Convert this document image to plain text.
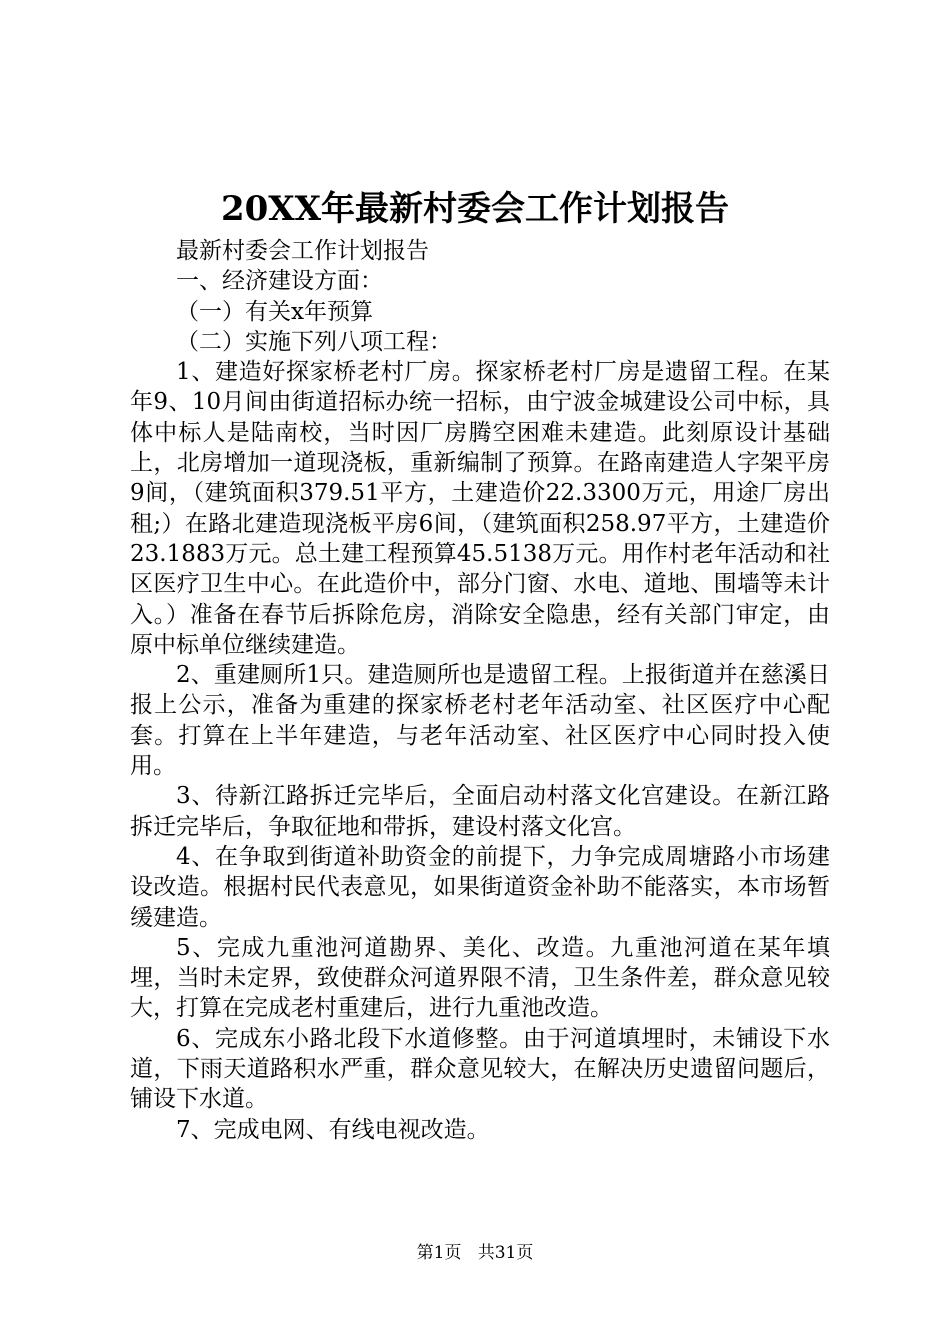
20XX年最新村委会工作计划报告

最新村委会工作计划报告

一、经济建设方面：

（一）有关x年预算

（二）实施下列八项工程：

1、建造好探家桥老村厂房。探家桥老村厂房是遗留工程。在某年9、10月间由街道招标办统一招标，由宁波金城建设公司中标，具体中标人是陆南校，当时因厂房腾空困难未建造。此刻原设计基础上，北房增加一道现浇板，重新编制了预算。在路南建造人字架平房9间，（建筑面积379.51平方，土建造价22.3300万元，用途厂房出租;）在路北建造现浇板平房6间，（建筑面积258.97平方，土建造价23.1883万元。总土建工程预算45.5138万元。用作村老年活动和社区医疗卫生中心。在此造价中，部分门窗、水电、道地、围墙等未计入。）准备在春节后拆除危房，消除安全隐患，经有关部门审定，由原中标单位继续建造。

2、重建厕所1只。建造厕所也是遗留工程。上报街道并在慈溪日报上公示，准备为重建的探家桥老村老年活动室、社区医疗中心配套。打算在上半年建造，与老年活动室、社区医疗中心同时投入使用。

3、待新江路拆迁完毕后，全面启动村落文化宫建设。在新江路拆迁完毕后，争取征地和带拆，建设村落文化宫。

4、在争取到街道补助资金的前提下，力争完成周塘路小市场建设改造。根据村民代表意见，如果街道资金补助不能落实，本市场暂缓建造。

5、完成九重池河道勘界、美化、改造。九重池河道在某年填埋，当时未定界，致使群众河道界限不清，卫生条件差，群众意见较大，打算在完成老村重建后，进行九重池改造。

6、完成东小路北段下水道修整。由于河道填埋时，未铺设下水道，下雨天道路积水严重，群众意见较大，在解决历史遗留问题后，铺设下水道。

7、完成电网、有线电视改造。

第1页 共31页
